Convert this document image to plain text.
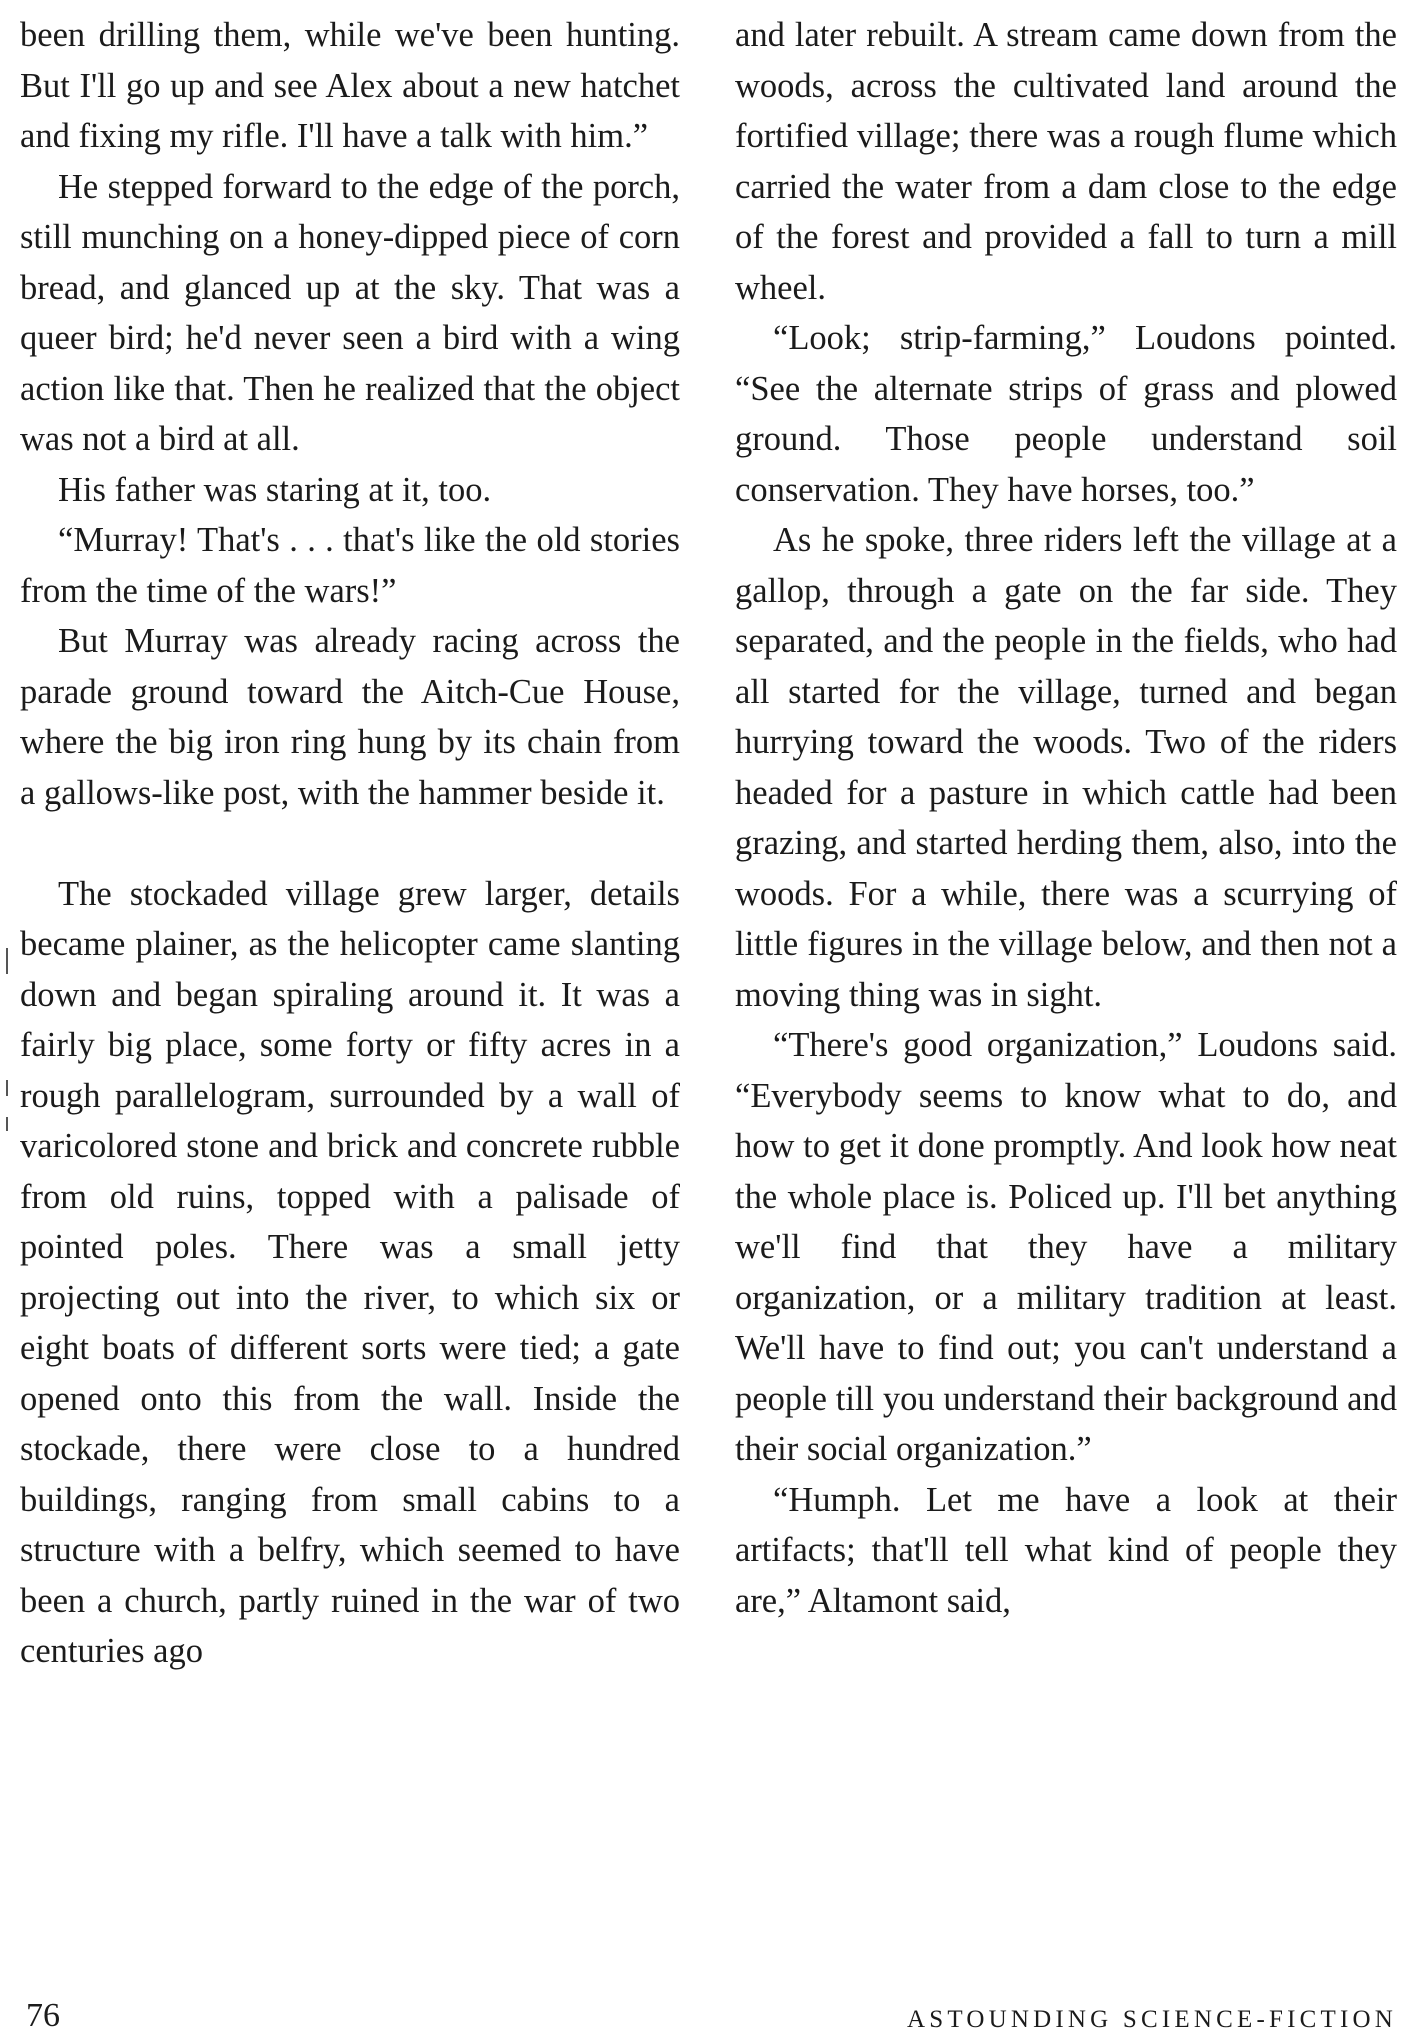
been drilling them, while we've been hunting. But I'll go up and see Alex about a new hatchet and fixing my rifle. I'll have a talk with him.”

He stepped forward to the edge of the porch, still munching on a honey-dipped piece of corn bread, and glanced up at the sky. That was a queer bird; he'd never seen a bird with a wing action like that. Then he realized that the object was not a bird at all.

His father was staring at it, too.

“Murray! That's . . . that's like the old stories from the time of the wars!”

But Murray was already racing across the parade ground toward the Aitch-Cue House, where the big iron ring hung by its chain from a gallows-like post, with the hammer beside it.

The stockaded village grew larger, details became plainer, as the helicopter came slanting down and began spiraling around it. It was a fairly big place, some forty or fifty acres in a rough parallelogram, surrounded by a wall of varicolored stone and brick and concrete rubble from old ruins, topped with a palisade of pointed poles. There was a small jetty projecting out into the river, to which six or eight boats of different sorts were tied; a gate opened onto this from the wall. Inside the stockade, there were close to a hundred buildings, ranging from small cabins to a structure with a belfry, which seemed to have been a church, partly ruined in the war of two centuries ago

and later rebuilt. A stream came down from the woods, across the cultivated land around the fortified village; there was a rough flume which carried the water from a dam close to the edge of the forest and provided a fall to turn a mill wheel.

“Look; strip-farming,” Loudons pointed. “See the alternate strips of grass and plowed ground. Those people understand soil conservation. They have horses, too.”

As he spoke, three riders left the village at a gallop, through a gate on the far side. They separated, and the people in the fields, who had all started for the village, turned and began hurrying toward the woods. Two of the riders headed for a pasture in which cattle had been grazing, and started herding them, also, into the woods. For a while, there was a scurrying of little figures in the village below, and then not a moving thing was in sight.

“There's good organization,” Loudons said. “Everybody seems to know what to do, and how to get it done promptly. And look how neat the whole place is. Policed up. I'll bet anything we'll find that they have a military organization, or a military tradition at least. We'll have to find out; you can't understand a people till you understand their background and their social organization.”

“Humph. Let me have a look at their artifacts; that'll tell what kind of people they are,” Altamont said,

76	ASTOUNDING SCIENCE-FICTION
